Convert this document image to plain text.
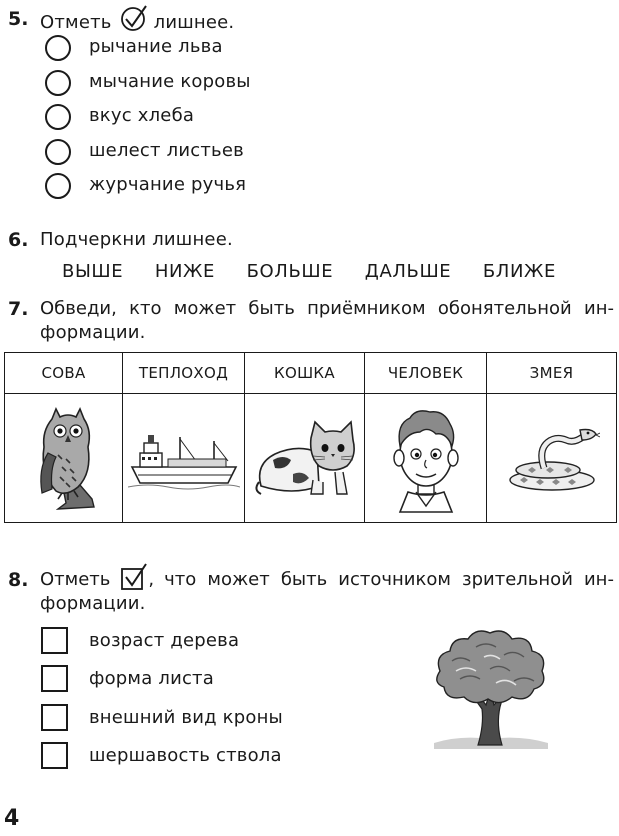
5. Отметь лишнее.
рычание льва
мычание коровы
вкус хлеба
шелест листьев
журчание ручья
6. Подчеркни лишнее.
ВЫШЕ НИЖЕ БОЛЬШЕ ДАЛЬШЕ БЛИЖЕ
7. Обведи, кто может быть приёмником обонятельной ин-
формации.
СОВА	ТЕПЛОХОД	КОШКА	ЧЕЛОВЕК	ЗМЕЯ

8. Отметь , что может быть источником зрительной ин-
формации.
возраст дерева
форма листа
внешний вид кроны
шершавость ствола
4
